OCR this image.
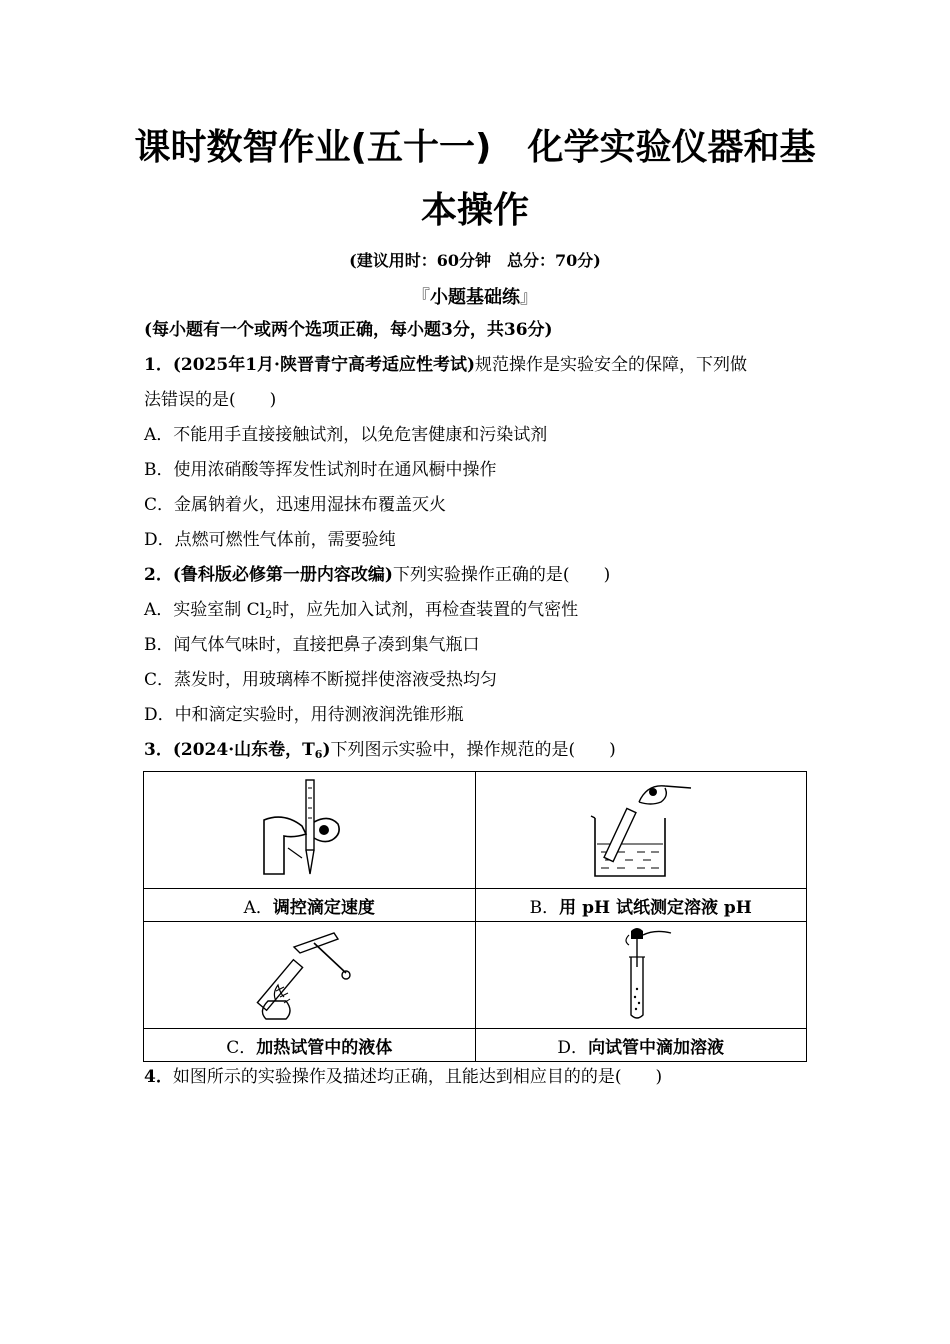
课时数智作业(五十一)　化学实验仪器和基
本操作
(建议用时：60分钟　总分：70分)
『小题基础练』
(每小题有一个或两个选项正确，每小题3分，共36分)
1．(2025年1月·陕晋青宁高考适应性考试)规范操作是实验安全的保障，下列做
法错误的是(　　)
A．不能用手直接接触试剂，以免危害健康和污染试剂
B．使用浓硝酸等挥发性试剂时在通风橱中操作
C．金属钠着火，迅速用湿抹布覆盖灭火
D．点燃可燃性气体前，需要验纯
2．(鲁科版必修第一册内容改编)下列实验操作正确的是(　　)
A．实验室制 $Cl_2$时，应先加入试剂，再检查装置的气密性
B．闻气体气味时，直接把鼻子凑到集气瓶口
C．蒸发时，用玻璃棒不断搅拌使溶液受热均匀
D．中和滴定实验时，用待测液润洗锥形瓶
3．(2024·山东卷，$T_6$)下列图示实验中，操作规范的是(　　)

A．调控滴定速度	B．用 pH 试纸测定溶液 pH

C．加热试管中的液体	D．向试管中滴加溶液
4．如图所示的实验操作及描述均正确，且能达到相应目的的是(　　)
